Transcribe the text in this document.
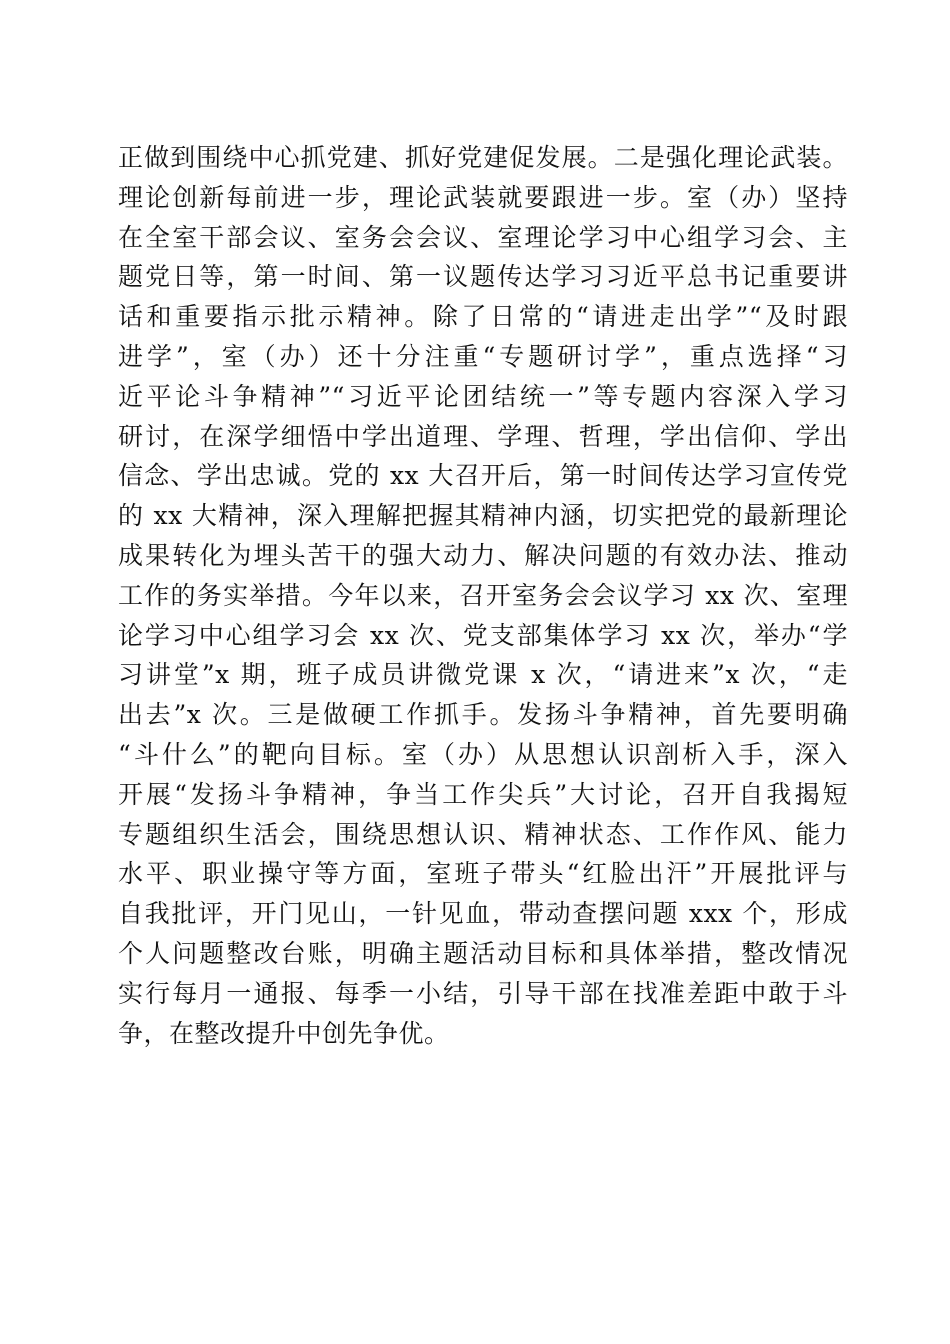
正做到围绕中心抓党建、抓好党建促发展。二是强化理论武装。
理论创新每前进一步，理论武装就要跟进一步。室（办）坚持
在全室干部会议、室务会会议、室理论学习中心组学习会、主
题党日等，第一时间、第一议题传达学习习近平总书记重要讲
话和重要指示批示精神。除了日常的“请进走出学”“及时跟
进学”，室（办）还十分注重“专题研讨学”，重点选择“习
近平论斗争精神”“习近平论团结统一”等专题内容深入学习
研讨，在深学细悟中学出道理、学理、哲理，学出信仰、学出
信念、学出忠诚。党的 xx 大召开后，第一时间传达学习宣传党
的 xx 大精神，深入理解把握其精神内涵，切实把党的最新理论
成果转化为埋头苦干的强大动力、解决问题的有效办法、推动
工作的务实举措。今年以来，召开室务会会议学习 xx 次、室理
论学习中心组学习会 xx 次、党支部集体学习 xx 次，举办“学
习讲堂”x 期，班子成员讲微党课 x 次，“请进来”x 次，“走
出去”x 次。三是做硬工作抓手。发扬斗争精神，首先要明确
“斗什么”的靶向目标。室（办）从思想认识剖析入手，深入
开展“发扬斗争精神，争当工作尖兵”大讨论，召开自我揭短
专题组织生活会，围绕思想认识、精神状态、工作作风、能力
水平、职业操守等方面，室班子带头“红脸出汗”开展批评与
自我批评，开门见山，一针见血，带动查摆问题 xxx 个，形成
个人问题整改台账，明确主题活动目标和具体举措，整改情况
实行每月一通报、每季一小结，引导干部在找准差距中敢于斗
争，在整改提升中创先争优。
